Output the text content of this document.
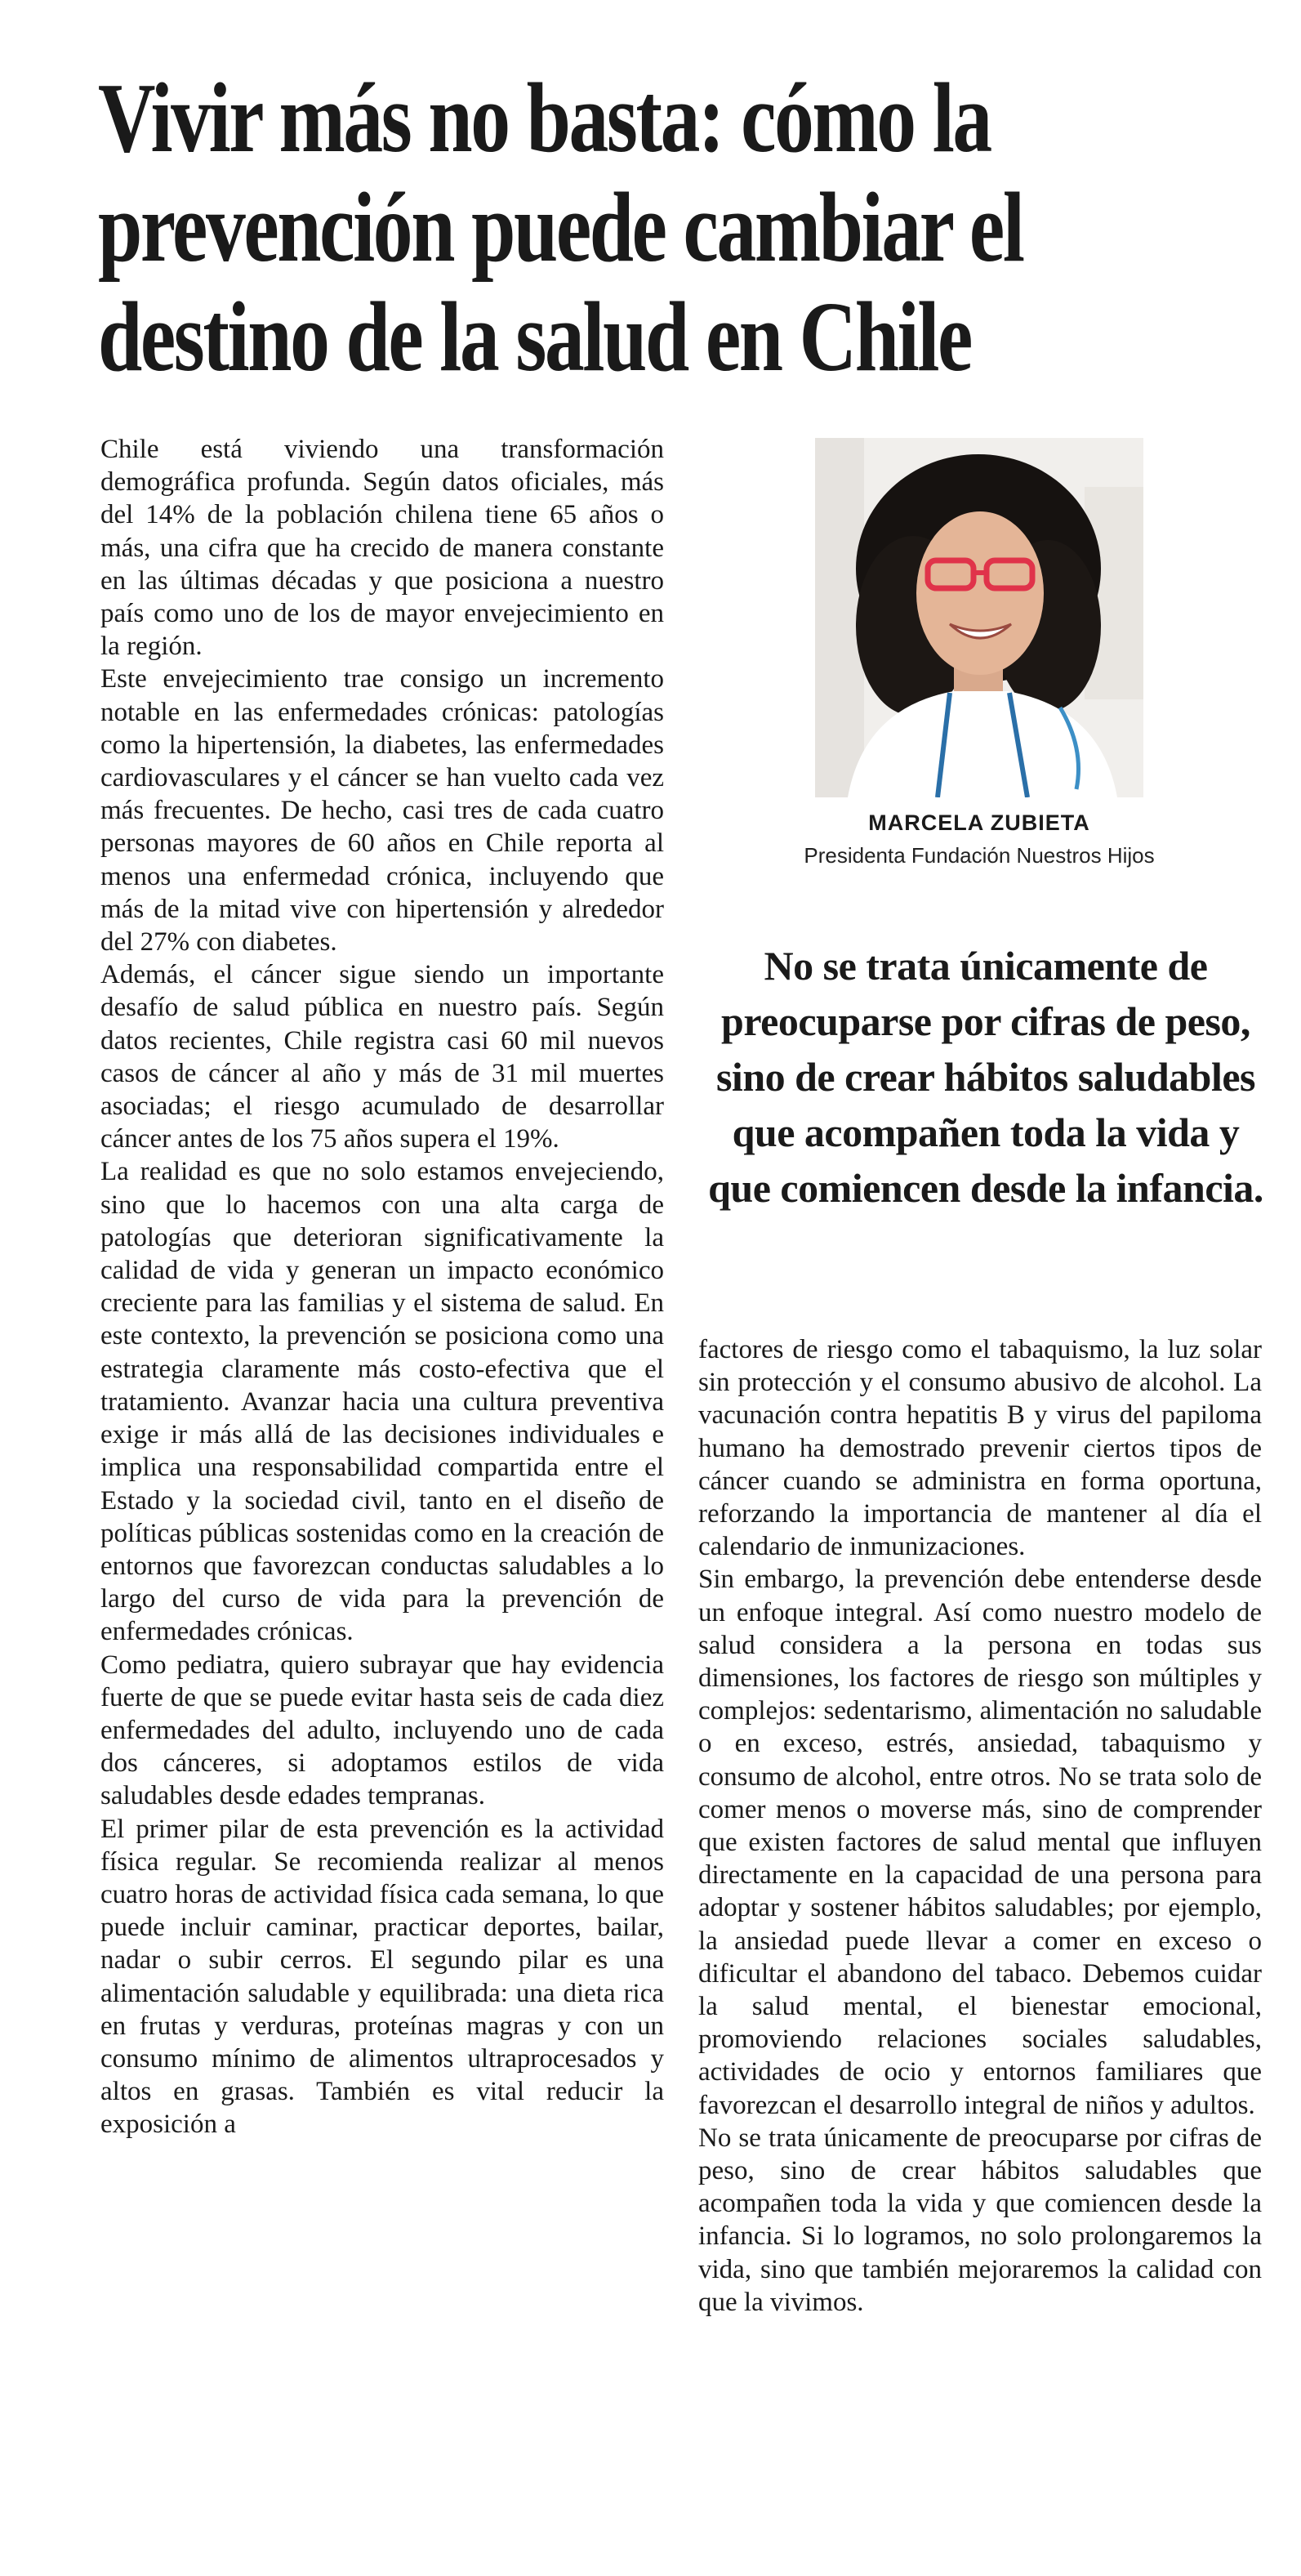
Vivir más no basta: cómo la
prevención puede cambiar el
destino de la salud en Chile

Chile está viviendo una transformación demográfica profunda. Según datos oficiales, más del 14% de la población chilena tiene 65 años o más, una cifra que ha crecido de manera constante en las últimas décadas y que posiciona a nuestro país como uno de los de mayor envejecimiento en la región.

Este envejecimiento trae consigo un incremento notable en las enfermedades crónicas: patologías como la hipertensión, la diabetes, las enfermedades cardiovasculares y el cáncer se han vuelto cada vez más frecuentes. De hecho, casi tres de cada cuatro personas mayores de 60 años en Chile reporta al menos una enfermedad crónica, incluyendo que más de la mitad vive con hipertensión y alrededor del 27% con diabetes.

Además, el cáncer sigue siendo un importante desafío de salud pública en nuestro país. Según datos recientes, Chile registra casi 60 mil nuevos casos de cáncer al año y más de 31 mil muertes asociadas; el riesgo acumulado de desarrollar cáncer antes de los 75 años supera el 19%.

La realidad es que no solo estamos envejeciendo, sino que lo hacemos con una alta carga de patologías que deterioran significativamente la calidad de vida y generan un impacto económico creciente para las familias y el sistema de salud. En este contexto, la prevención se posiciona como una estrategia claramente más costo-efectiva que el tratamiento. Avanzar hacia una cultura preventiva exige ir más allá de las decisiones individuales e implica una responsabilidad compartida entre el Estado y la sociedad civil, tanto en el diseño de políticas públicas sostenidas como en la creación de entornos que favorezcan conductas saludables a lo largo del curso de vida para la prevención de enfermedades crónicas.

Como pediatra, quiero subrayar que hay evidencia fuerte de que se puede evitar hasta seis de cada diez enfermedades del adulto, incluyendo uno de cada dos cánceres, si adoptamos estilos de vida saludables desde edades tempranas.

El primer pilar de esta prevención es la actividad física regular. Se recomienda realizar al menos cuatro horas de actividad física cada semana, lo que puede incluir caminar, practicar deportes, bailar, nadar o subir cerros. El segundo pilar es una alimentación saludable y equilibrada: una dieta rica en frutas y verduras, proteínas magras y con un consumo mínimo de alimentos ultraprocesados y altos en grasas. También es vital reducir la exposición a

MARCELA ZUBIETA
Presidenta Fundación Nuestros Hijos
No se trata únicamente de preocuparse por cifras de peso, sino de crear hábitos saludables que acompañen toda la vida y que comiencen desde la infancia.

factores de riesgo como el tabaquismo, la luz solar sin protección y el consumo abusivo de alcohol. La vacunación contra hepatitis B y virus del papiloma humano ha demostrado prevenir ciertos tipos de cáncer cuando se administra en forma oportuna, reforzando la importancia de mantener al día el calendario de inmunizaciones.

Sin embargo, la prevención debe entenderse desde un enfoque integral. Así como nuestro modelo de salud considera a la persona en todas sus dimensiones, los factores de riesgo son múltiples y complejos: sedentarismo, alimentación no saludable o en exceso, estrés, ansiedad, tabaquismo y consumo de alcohol, entre otros. No se trata solo de comer menos o moverse más, sino de comprender que existen factores de salud mental que influyen directamente en la capacidad de una persona para adoptar y sostener hábitos saludables; por ejemplo, la ansiedad puede llevar a comer en exceso o dificultar el abandono del tabaco. Debemos cuidar la salud mental, el bienestar emocional, promoviendo relaciones sociales saludables, actividades de ocio y entornos familiares que favorezcan el desarrollo integral de niños y adultos.

No se trata únicamente de preocuparse por cifras de peso, sino de crear hábitos saludables que acompañen toda la vida y que comiencen desde la infancia. Si lo logramos, no solo prolongaremos la vida, sino que también mejoraremos la calidad con que la vivimos.
